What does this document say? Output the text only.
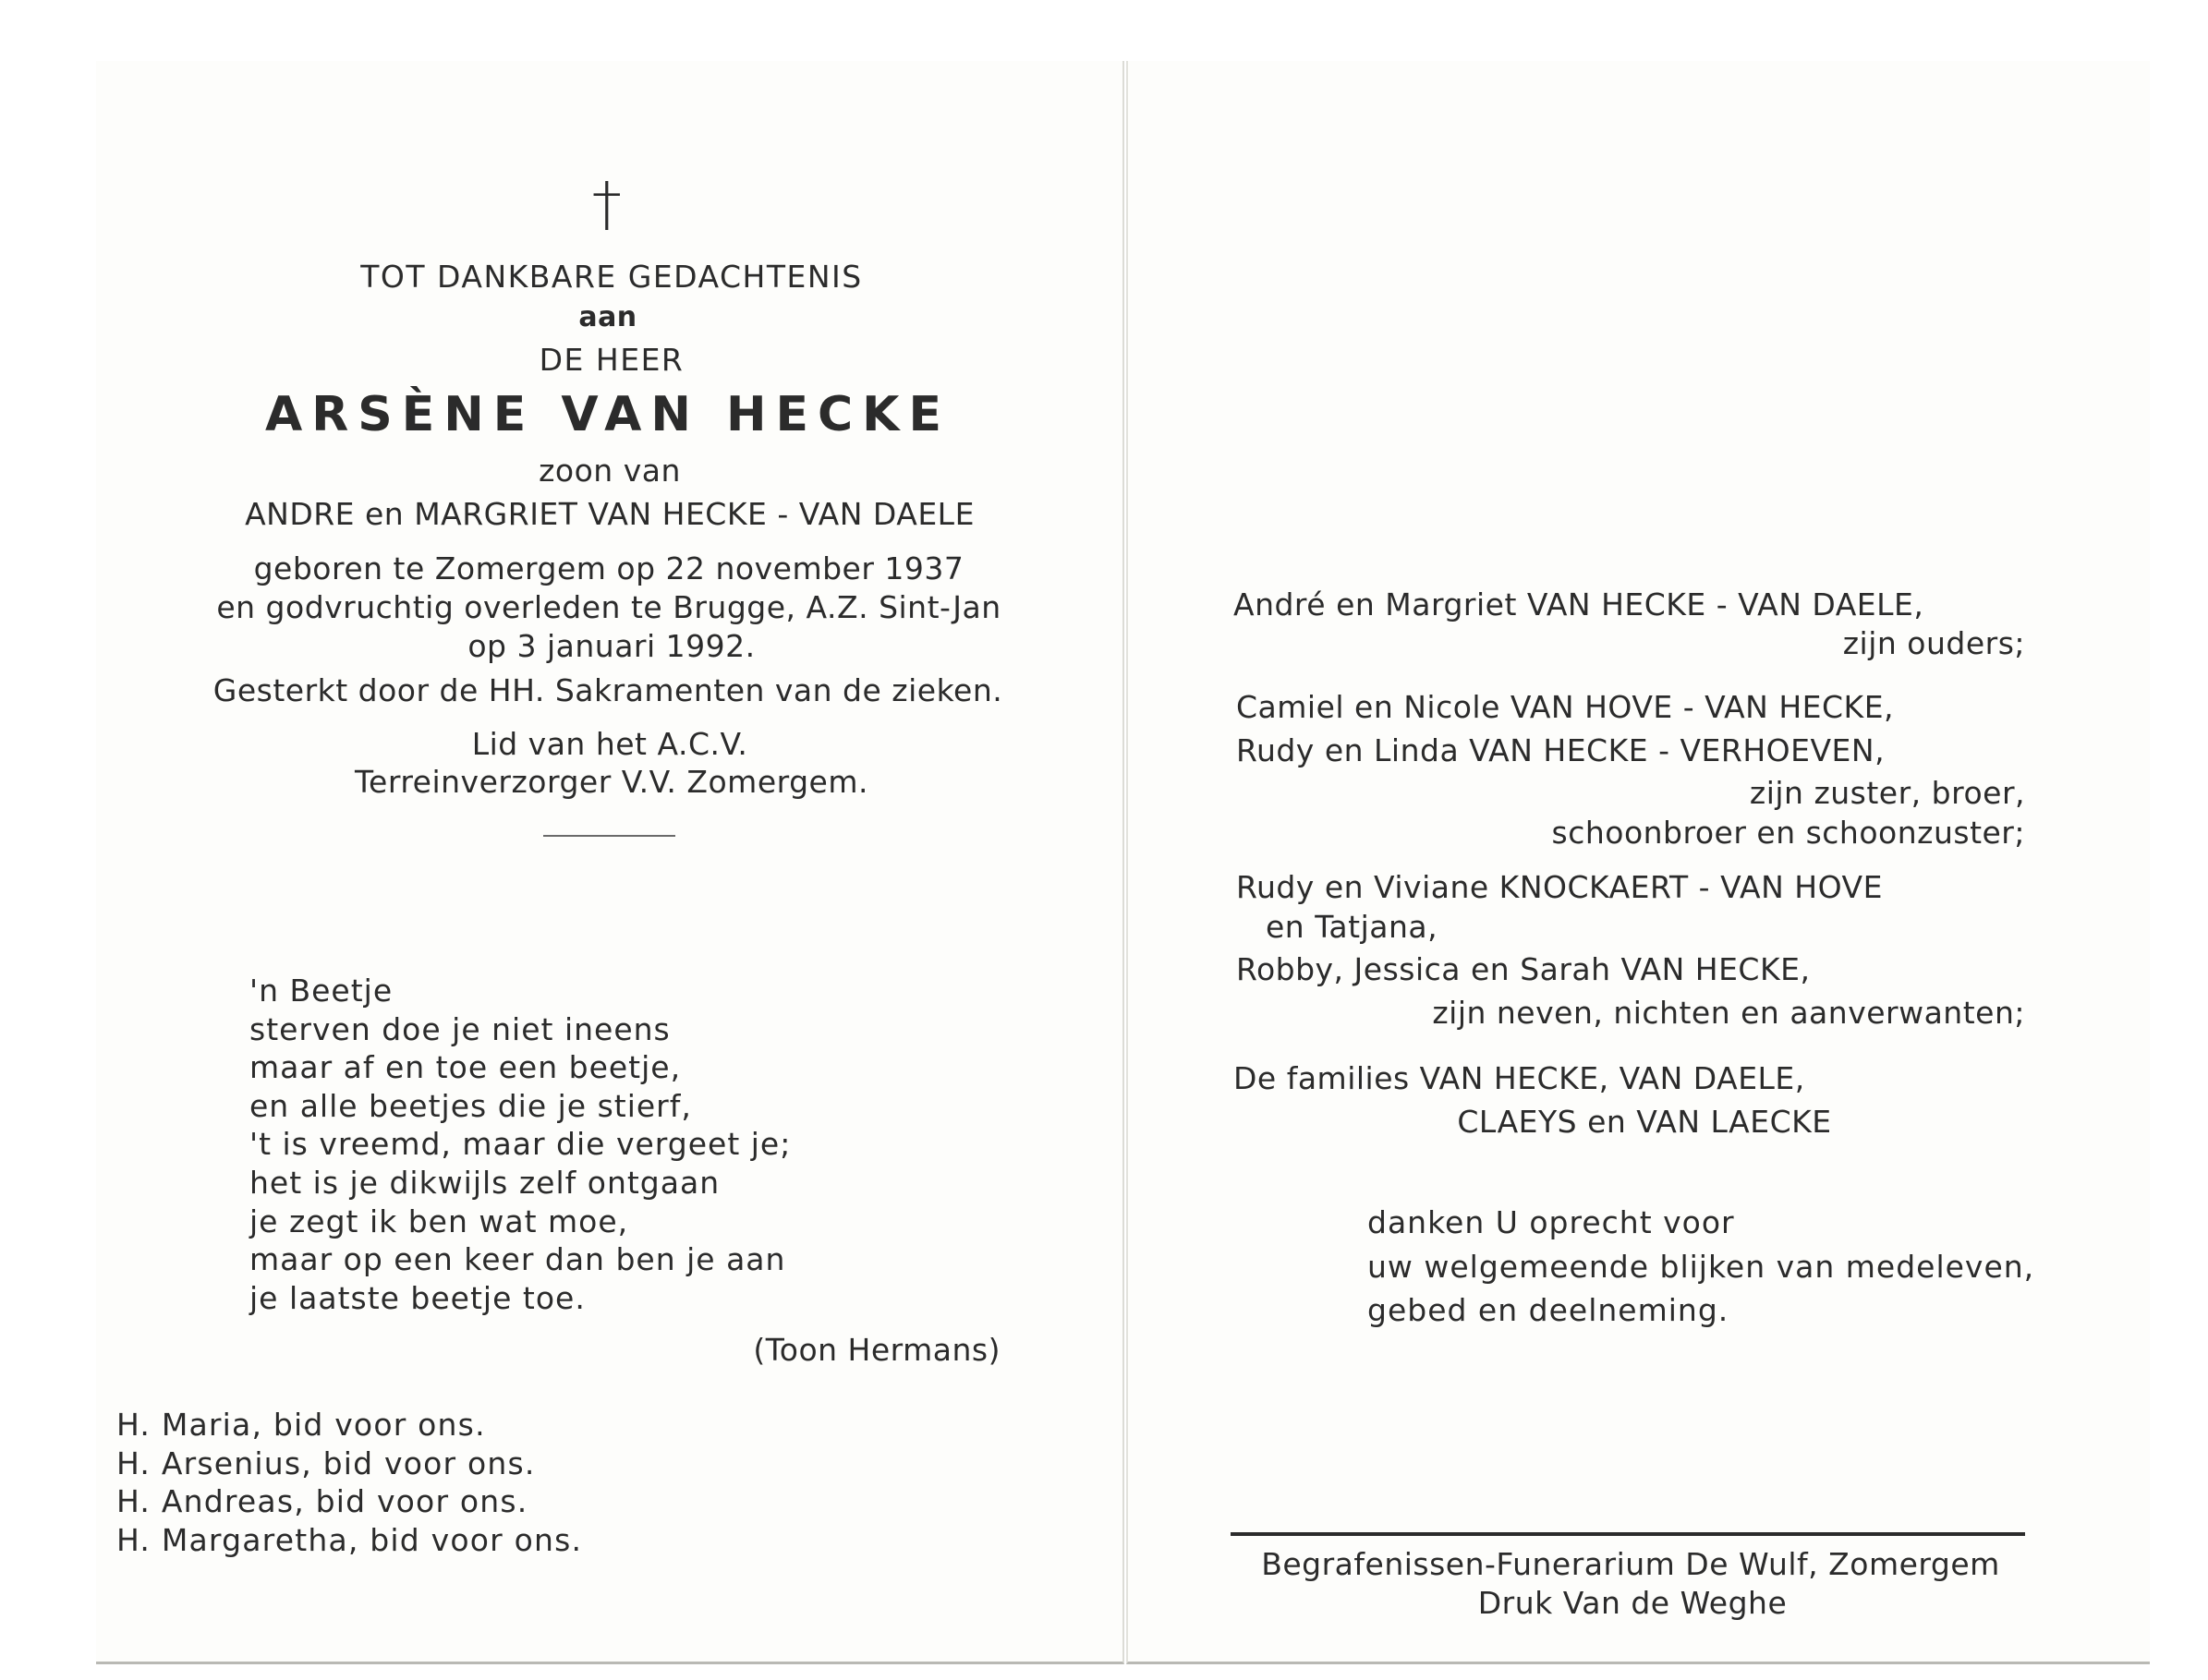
†
TOT DANKBARE GEDACHTENIS
aan
DE HEER
ARSÈNE VAN HECKE
zoon van
ANDRE en MARGRIET VAN HECKE - VAN DAELE
geboren te Zomergem op 22 november 1937
en godvruchtig overleden te Brugge, A.Z. Sint-Jan
op 3 januari 1992.
Gesterkt door de HH. Sakramenten van de zieken.
Lid van het A.C.V.
Terreinverzorger V.V. Zomergem.
'n Beetje
sterven doe je niet ineens
maar af en toe een beetje,
en alle beetjes die je stierf,
't is vreemd, maar die vergeet je;
het is je dikwijls zelf ontgaan
je zegt ik ben wat moe,
maar op een keer dan ben je aan
je laatste beetje toe.
(Toon Hermans)
H. Maria, bid voor ons.
H. Arsenius, bid voor ons.
H. Andreas, bid voor ons.
H. Margaretha, bid voor ons.
André en Margriet VAN HECKE - VAN DAELE,
zijn ouders;
Camiel en Nicole VAN HOVE - VAN HECKE,
Rudy en Linda VAN HECKE - VERHOEVEN,
zijn zuster, broer,
schoonbroer en schoonzuster;
Rudy en Viviane KNOCKAERT - VAN HOVE
en Tatjana,
Robby, Jessica en Sarah VAN HECKE,
zijn neven, nichten en aanverwanten;
De families VAN HECKE, VAN DAELE,
CLAEYS en VAN LAECKE
danken U oprecht voor
uw welgemeende blijken van medeleven,
gebed en deelneming.
Begrafenissen-Funerarium De Wulf, Zomergem
Druk Van de Weghe
